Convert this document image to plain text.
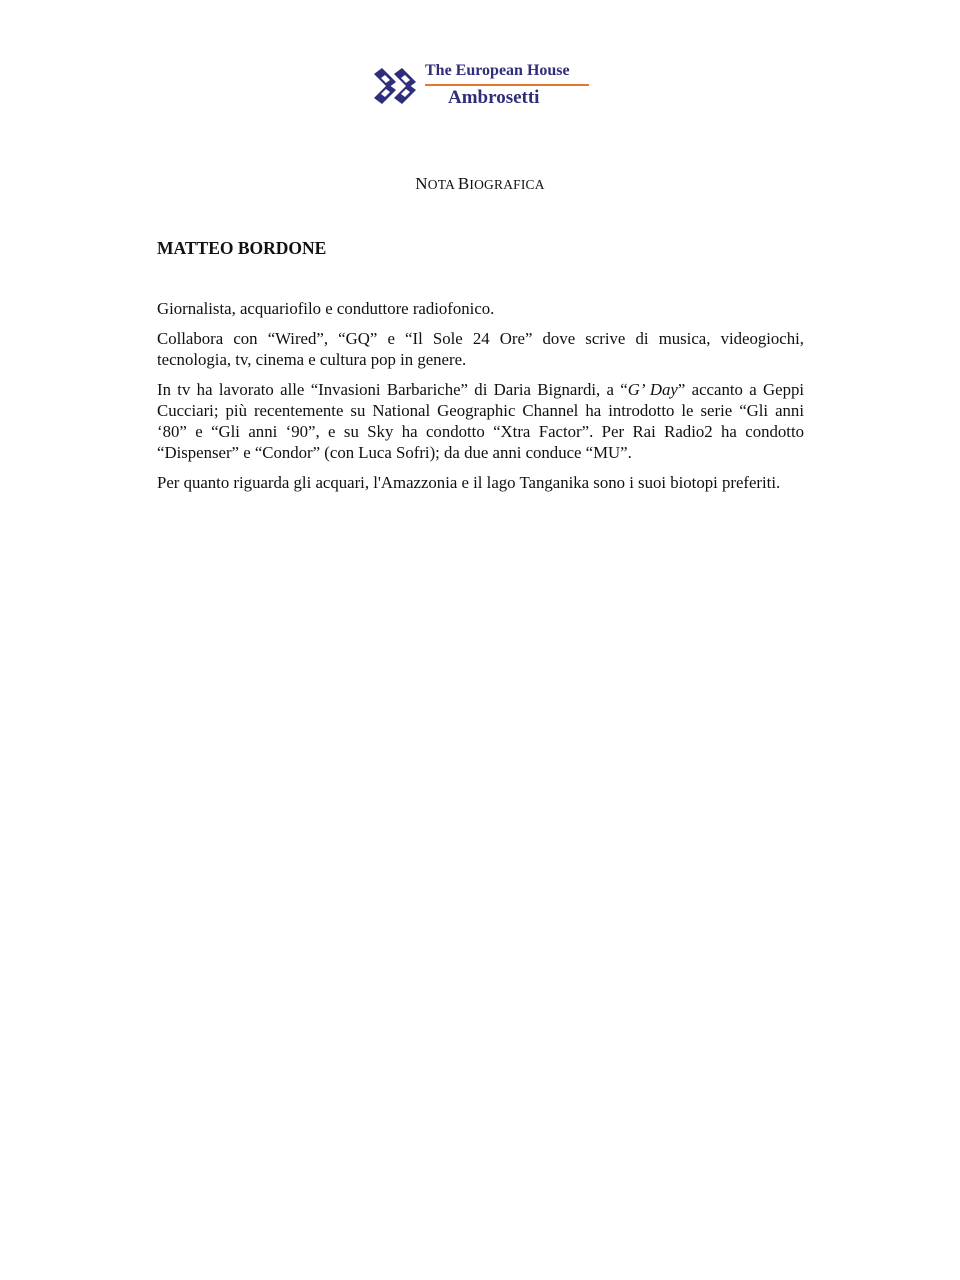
The European House
Ambrosetti
NOTA BIOGRAFICA
MATTEO BORDONE

Giornalista, acquariofilo e conduttore radiofonico.

Collabora con “Wired”, “GQ” e “Il Sole 24 Ore” dove scrive di musica, videogiochi, tecnologia, tv, cinema e cultura pop in genere.

In tv ha lavorato alle “Invasioni Barbariche” di Daria Bignardi, a “G’ Day” accanto a Geppi Cucciari; più recentemente su National Geographic Channel ha introdotto le serie “Gli anni ‘80” e “Gli anni ‘90”, e su Sky ha condotto “Xtra Factor”. Per Rai Radio2 ha condotto “Dispenser” e “Condor” (con Luca Sofri); da due anni conduce “MU”.

Per quanto riguarda gli acquari, l'Amazzonia e il lago Tanganika sono i suoi biotopi preferiti.
